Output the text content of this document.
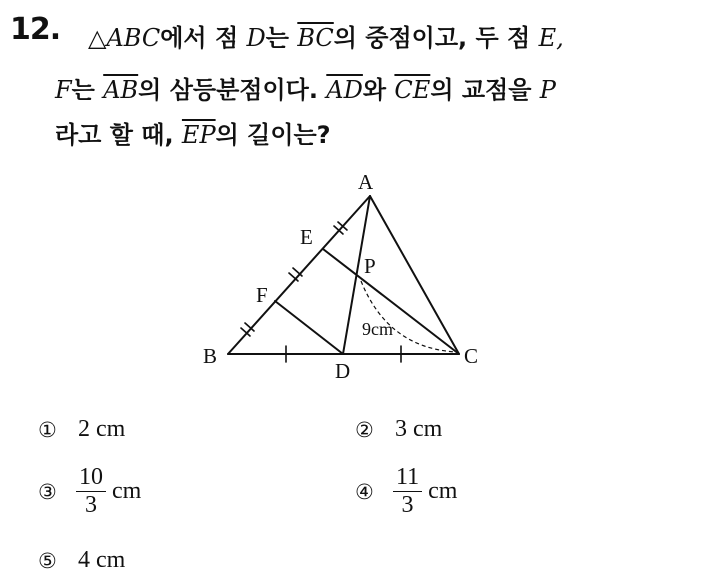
12. △ABC에서 점 D는 $\overline{BC}$의 중점이고, 두 점 E,
F는 $\overline{AB}$의 삼등분점이다. $\overline{AD}$와 $\overline{CE}$의 교점을 P
라고 할 때, $\overline{EP}$의 길이는?
A
B	C
D
E
F
P
9cm
① 2 cm	② 3 cm
③ $\frac{10}{3}$ cm	④ $\frac{11}{3}$ cm
⑤ 4 cm
